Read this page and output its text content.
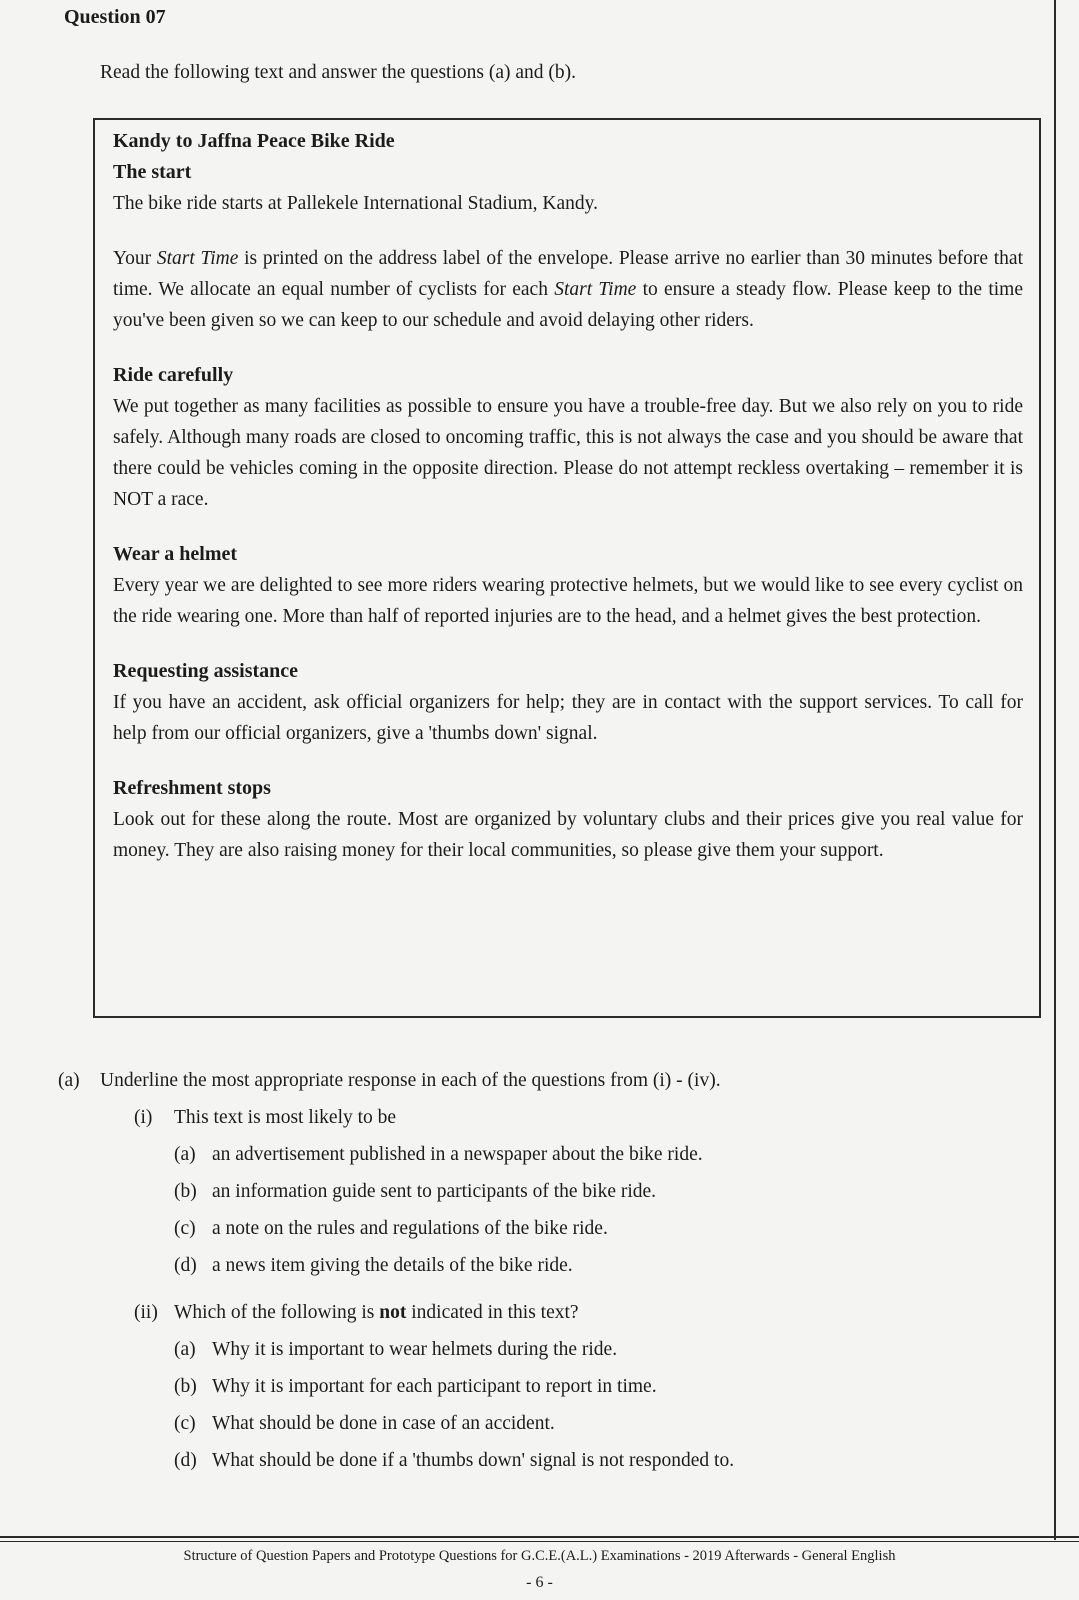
Question 07

Read the following text and answer the questions (a) and (b).

Kandy to Jaffna Peace Bike Ride
The start

The bike ride starts at Pallekele International Stadium, Kandy.

Your Start Time is printed on the address label of the envelope. Please arrive no earlier than 30 minutes before that time. We allocate an equal number of cyclists for each Start Time to ensure a steady flow. Please keep to the time you've been given so we can keep to our schedule and avoid delaying other riders.

Ride carefully

We put together as many facilities as possible to ensure you have a trouble-free day. But we also rely on you to ride safely. Although many roads are closed to oncoming traffic, this is not always the case and you should be aware that there could be vehicles coming in the opposite direction. Please do not attempt reckless overtaking – remember it is NOT a race.

Wear a helmet

Every year we are delighted to see more riders wearing protective helmets, but we would like to see every cyclist on the ride wearing one. More than half of reported injuries are to the head, and a helmet gives the best protection.

Requesting assistance

If you have an accident, ask official organizers for help; they are in contact with the support services. To call for help from our official organizers, give a 'thumbs down' signal.

Refreshment stops

Look out for these along the route. Most are organized by voluntary clubs and their prices give you real value for money. They are also raising money for their local communities, so please give them your support.

(a)	Underline the most appropriate response in each of the questions from (i) - (iv).
(i)	This text is most likely to be
(a) an advertisement published in a newspaper about the bike ride.
(b) an information guide sent to participants of the bike ride.
(c) a note on the rules and regulations of the bike ride.
(d) a news item giving the details of the bike ride.
(ii) Which of the following is not indicated in this text?
(a) Why it is important to wear helmets during the ride.
(b) Why it is important for each participant to report in time.
(c) What should be done in case of an accident.
(d) What should be done if a 'thumbs down' signal is not responded to.

Structure of Question Papers and Prototype Questions for G.C.E.(A.L.) Examinations - 2019 Afterwards - General English

- 6 -
